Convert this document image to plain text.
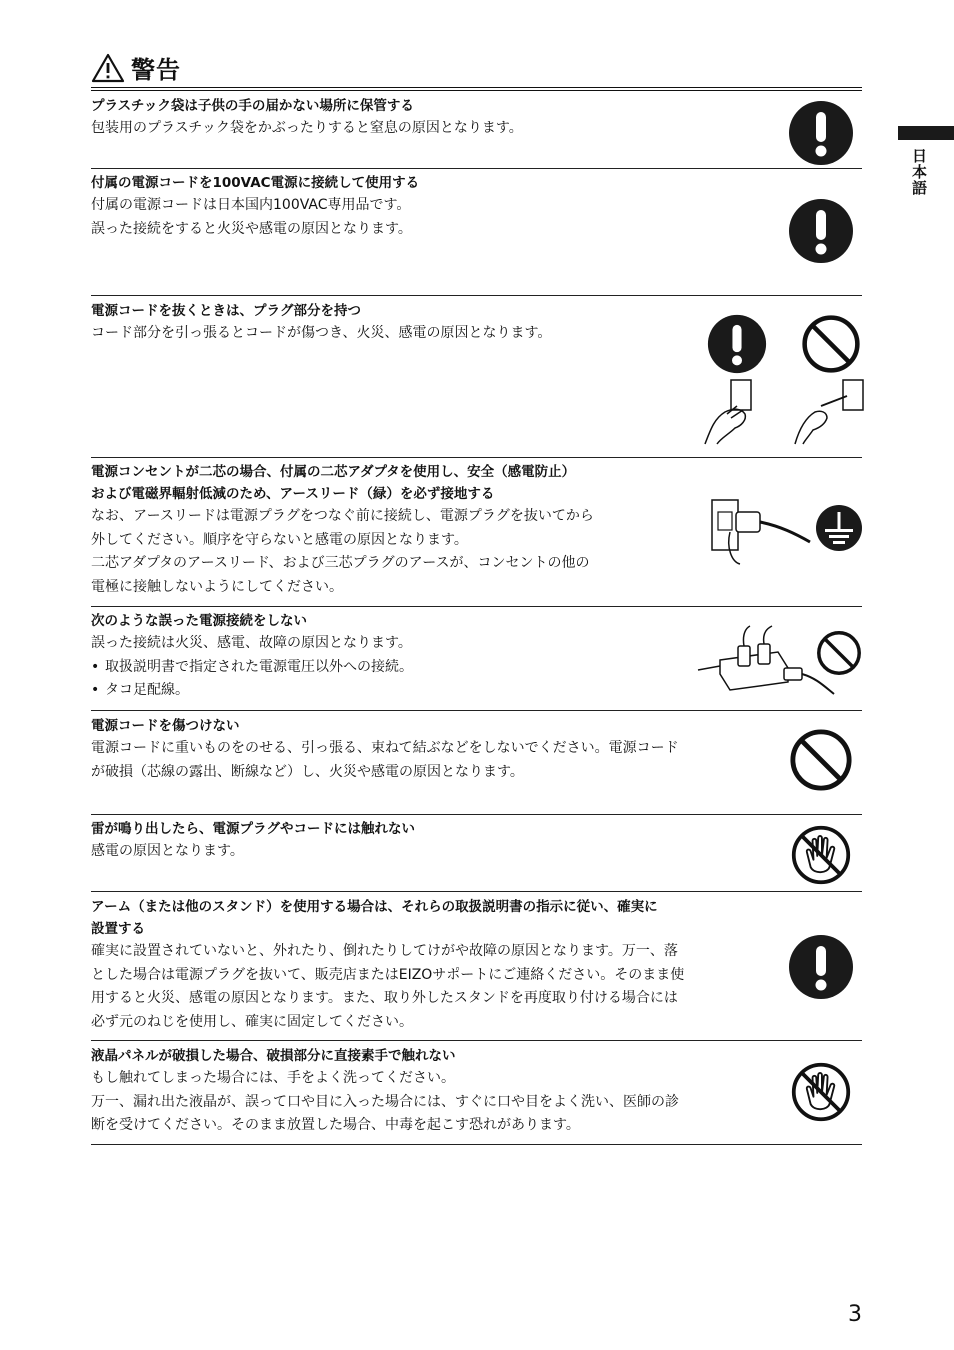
警告
日本語
プラスチック袋は子供の手の届かない場所に保管する
包装用のプラスチック袋をかぶったりすると窒息の原因となります。
付属の電源コードを100VAC電源に接続して使用する
付属の電源コードは日本国内100VAC専用品です。
誤った接続をすると火災や感電の原因となります。
電源コードを抜くときは、プラグ部分を持つ
コード部分を引っ張るとコードが傷つき、火災、感電の原因となります。
電源コンセントが二芯の場合、付属の二芯アダプタを使用し、安全（感電防止）
および電磁界輻射低減のため、アースリード（緑）を必ず接地する
なお、アースリードは電源プラグをつなぐ前に接続し、電源プラグを抜いてから
外してください。順序を守らないと感電の原因となります。
二芯アダプタのアースリード、および三芯プラグのアースが、コンセントの他の
電極に接触しないようにしてください。
次のような誤った電源接続をしない
誤った接続は火災、感電、故障の原因となります。
• 取扱説明書で指定された電源電圧以外への接続。
• タコ足配線。
電源コードを傷つけない
電源コードに重いものをのせる、引っ張る、束ねて結ぶなどをしないでください。電源コード
が破損（芯線の露出、断線など）し、火災や感電の原因となります。
雷が鳴り出したら、電源プラグやコードには触れない
感電の原因となります。
アーム（または他のスタンド）を使用する場合は、それらの取扱説明書の指示に従い、確実に
設置する
確実に設置されていないと、外れたり、倒れたりしてけがや故障の原因となります。万一、落
とした場合は電源プラグを抜いて、販売店またはEIZOサポートにご連絡ください。そのまま使
用すると火災、感電の原因となります。また、取り外したスタンドを再度取り付ける場合には
必ず元のねじを使用し、確実に固定してください。
液晶パネルが破損した場合、破損部分に直接素手で触れない
もし触れてしまった場合には、手をよく洗ってください。
万一、漏れ出た液晶が、誤って口や目に入った場合には、すぐに口や目をよく洗い、医師の診
断を受けてください。そのまま放置した場合、中毒を起こす恐れがあります。
3
